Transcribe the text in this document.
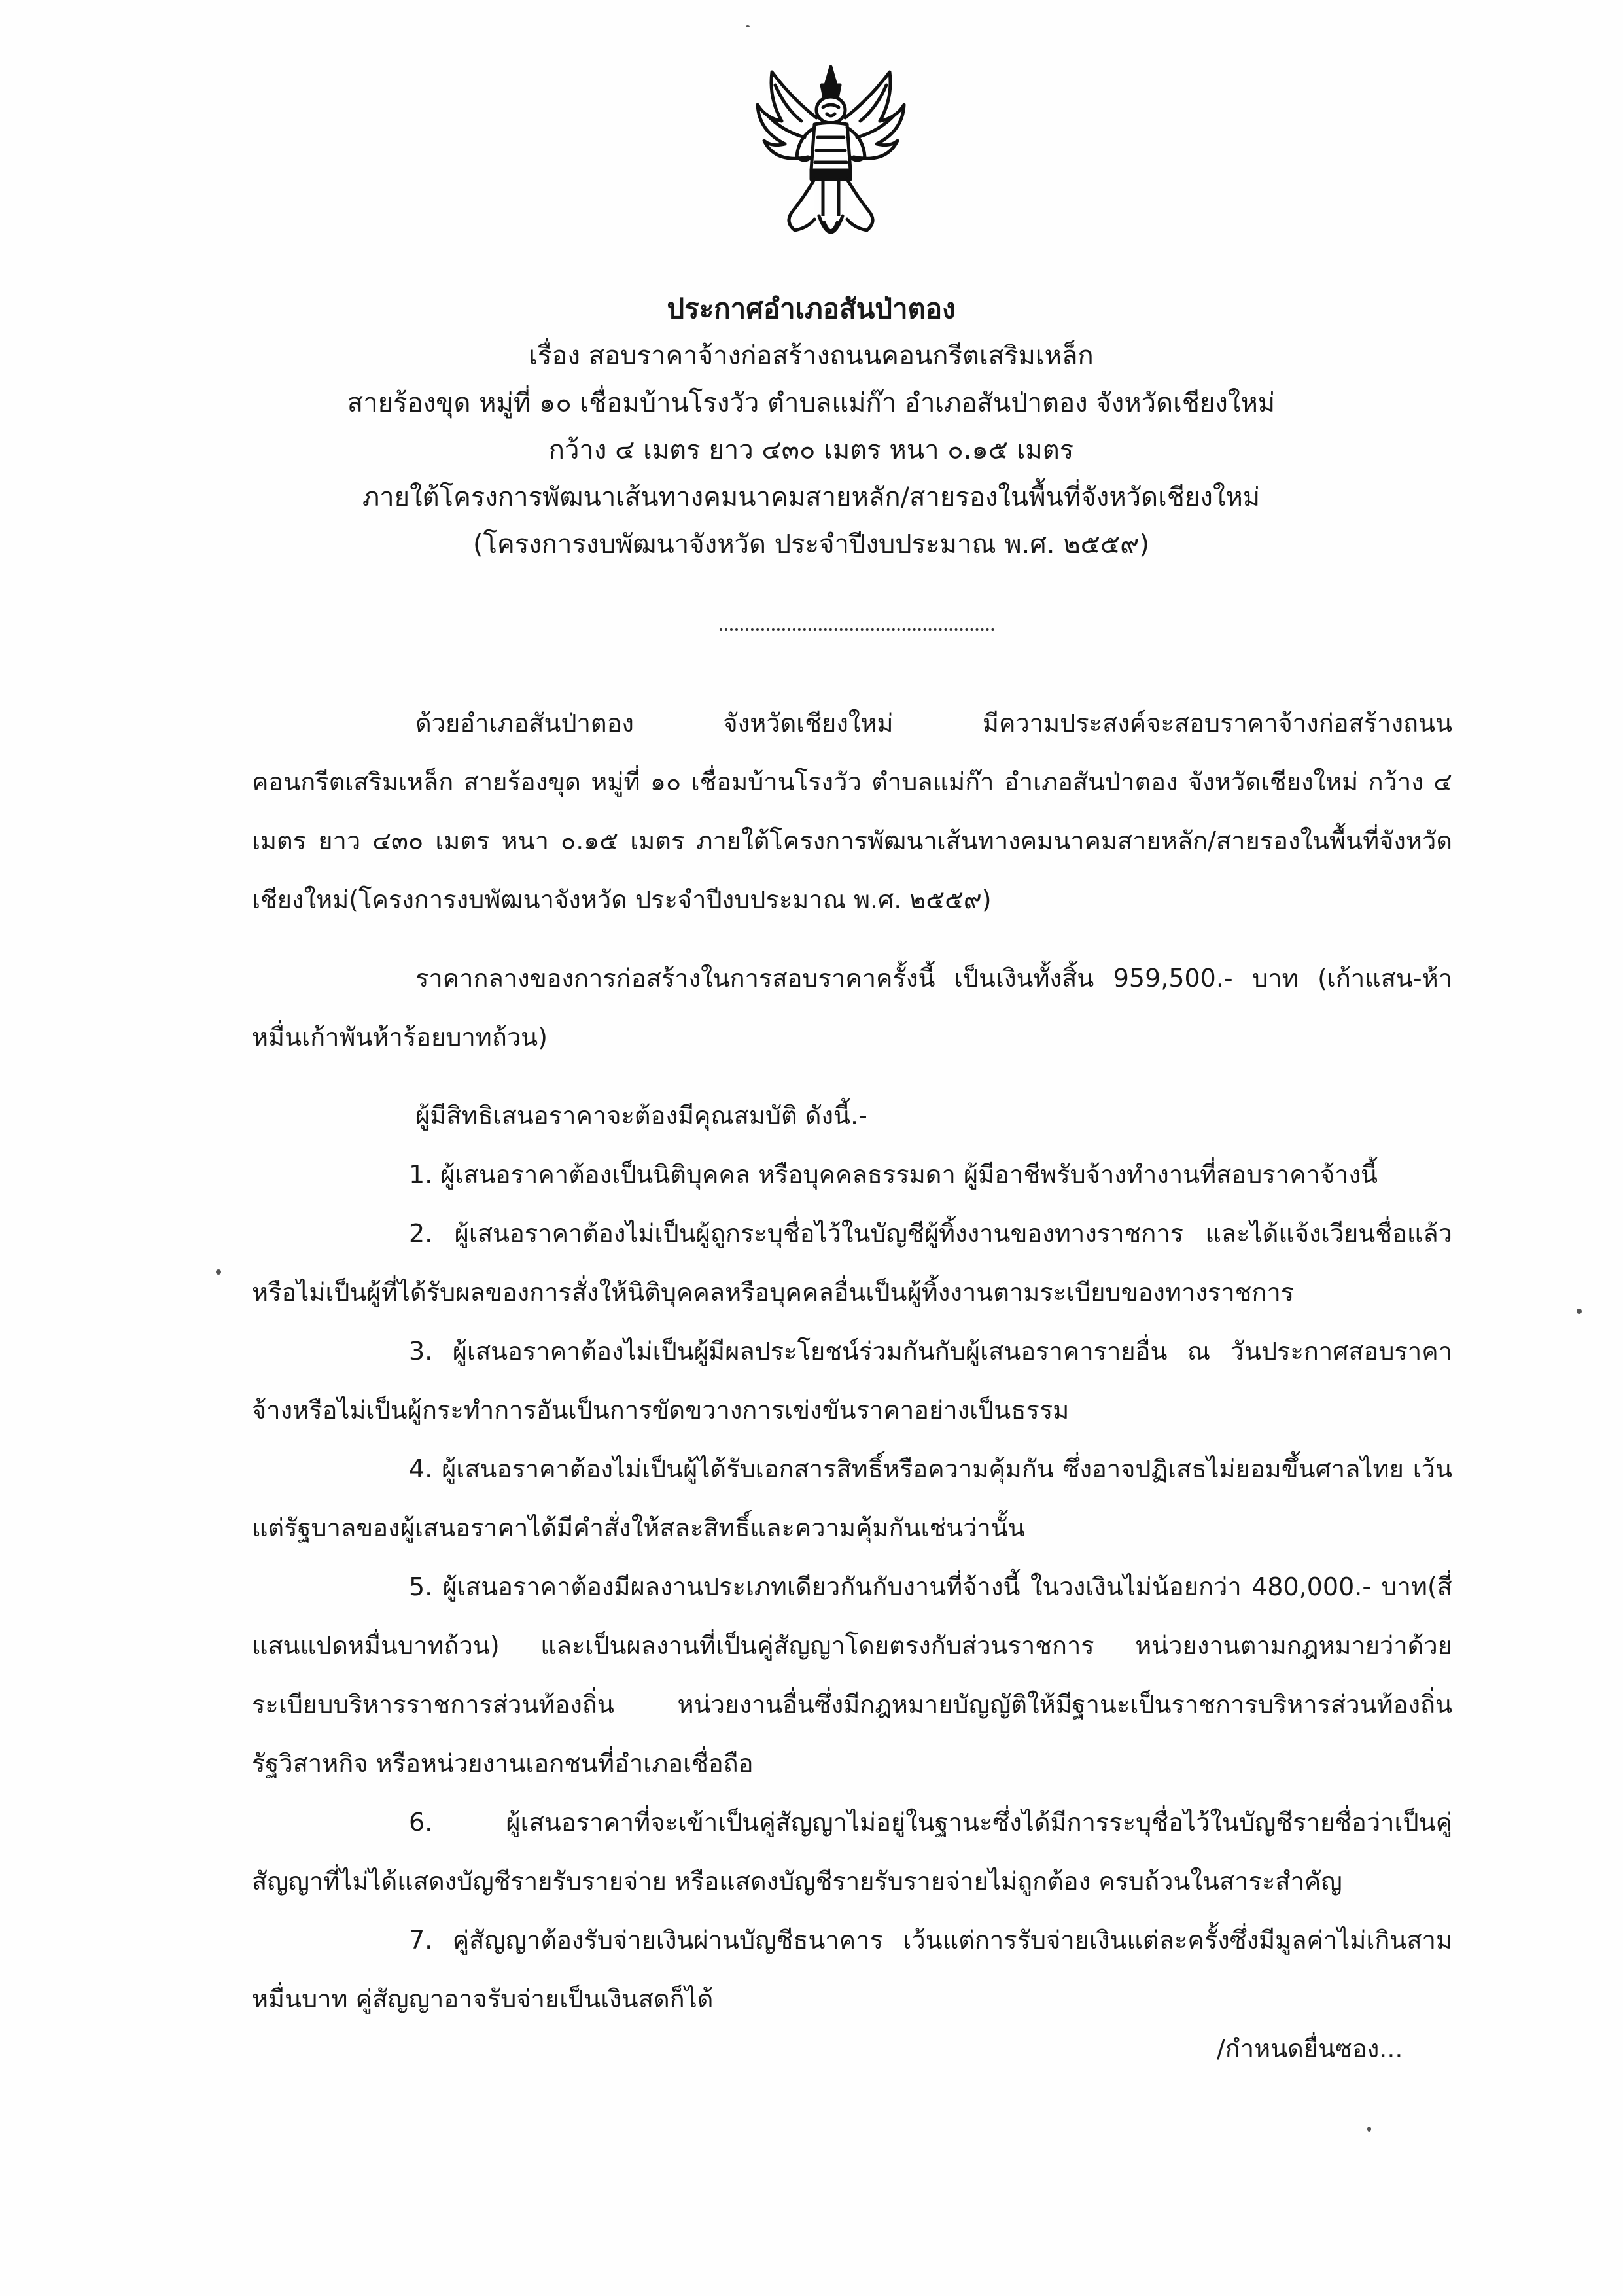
ประกาศอำเภอสันป่าตอง
เรื่อง สอบราคาจ้างก่อสร้างถนนคอนกรีตเสริมเหล็ก
สายร้องขุด หมู่ที่ ๑๐ เชื่อมบ้านโรงวัว ตำบลแม่ก๊า อำเภอสันป่าตอง จังหวัดเชียงใหม่
กว้าง ๔ เมตร ยาว ๔๓๐ เมตร หนา ๐.๑๕ เมตร
ภายใต้โครงการพัฒนาเส้นทางคมนาคมสายหลัก/สายรองในพื้นที่จังหวัดเชียงใหม่
(โครงการงบพัฒนาจังหวัด ประจำปีงบประมาณ พ.ศ. ๒๕๕๙)

ด้วยอำเภอสันป่าตอง จังหวัดเชียงใหม่ มีความประสงค์จะสอบราคาจ้างก่อสร้างถนนคอนกรีตเสริมเหล็ก สายร้องขุด หมู่ที่ ๑๐ เชื่อมบ้านโรงวัว ตำบลแม่ก๊า อำเภอสันป่าตอง จังหวัดเชียงใหม่ กว้าง ๔ เมตร ยาว ๔๓๐ เมตร หนา ๐.๑๕ เมตร ภายใต้โครงการพัฒนาเส้นทางคมนาคมสายหลัก/สายรองในพื้นที่จังหวัดเชียงใหม่(โครงการงบพัฒนาจังหวัด ประจำปีงบประมาณ พ.ศ. ๒๕๕๙)

ราคากลางของการก่อสร้างในการสอบราคาครั้งนี้ เป็นเงินทั้งสิ้น 959,500.- บาท (เก้าแสน-ห้าหมื่นเก้าพันห้าร้อยบาทถ้วน)

ผู้มีสิทธิเสนอราคาจะต้องมีคุณสมบัติ ดังนี้.-

1. ผู้เสนอราคาต้องเป็นนิติบุคคล หรือบุคคลธรรมดา ผู้มีอาชีพรับจ้างทำงานที่สอบราคาจ้างนี้

2. ผู้เสนอราคาต้องไม่เป็นผู้ถูกระบุชื่อไว้ในบัญชีผู้ทิ้งงานของทางราชการ และได้แจ้งเวียนชื่อแล้วหรือไม่เป็นผู้ที่ได้รับผลของการสั่งให้นิติบุคคลหรือบุคคลอื่นเป็นผู้ทิ้งงานตามระเบียบของทางราชการ

3. ผู้เสนอราคาต้องไม่เป็นผู้มีผลประโยชน์ร่วมกันกับผู้เสนอราคารายอื่น ณ วันประกาศสอบราคาจ้างหรือไม่เป็นผู้กระทำการอันเป็นการขัดขวางการเข่งขันราคาอย่างเป็นธรรม

4. ผู้เสนอราคาต้องไม่เป็นผู้ได้รับเอกสารสิทธิ์หรือความคุ้มกัน ซึ่งอาจปฏิเสธไม่ยอมขึ้นศาลไทย เว้นแต่รัฐบาลของผู้เสนอราคาได้มีคำสั่งให้สละสิทธิ์และความคุ้มกันเช่นว่านั้น

5. ผู้เสนอราคาต้องมีผลงานประเภทเดียวกันกับงานที่จ้างนี้ ในวงเงินไม่น้อยกว่า 480,000.- บาท(สี่แสนแปดหมื่นบาทถ้วน) และเป็นผลงานที่เป็นคู่สัญญาโดยตรงกับส่วนราชการ หน่วยงานตามกฎหมายว่าด้วยระเบียบบริหารราชการส่วนท้องถิ่น หน่วยงานอื่นซึ่งมีกฎหมายบัญญัติให้มีฐานะเป็นราชการบริหารส่วนท้องถิ่น รัฐวิสาหกิจ หรือหน่วยงานเอกชนที่อำเภอเชื่อถือ

6. ผู้เสนอราคาที่จะเข้าเป็นคู่สัญญาไม่อยู่ในฐานะซึ่งได้มีการระบุชื่อไว้ในบัญชีรายชื่อว่าเป็นคู่สัญญาที่ไม่ได้แสดงบัญชีรายรับรายจ่าย หรือแสดงบัญชีรายรับรายจ่ายไม่ถูกต้อง ครบถ้วนในสาระสำคัญ

7. คู่สัญญาต้องรับจ่ายเงินผ่านบัญชีธนาคาร เว้นแต่การรับจ่ายเงินแต่ละครั้งซึ่งมีมูลค่าไม่เกินสามหมื่นบาท คู่สัญญาอาจรับจ่ายเป็นเงินสดก็ได้

/กำหนดยื่นซอง...
